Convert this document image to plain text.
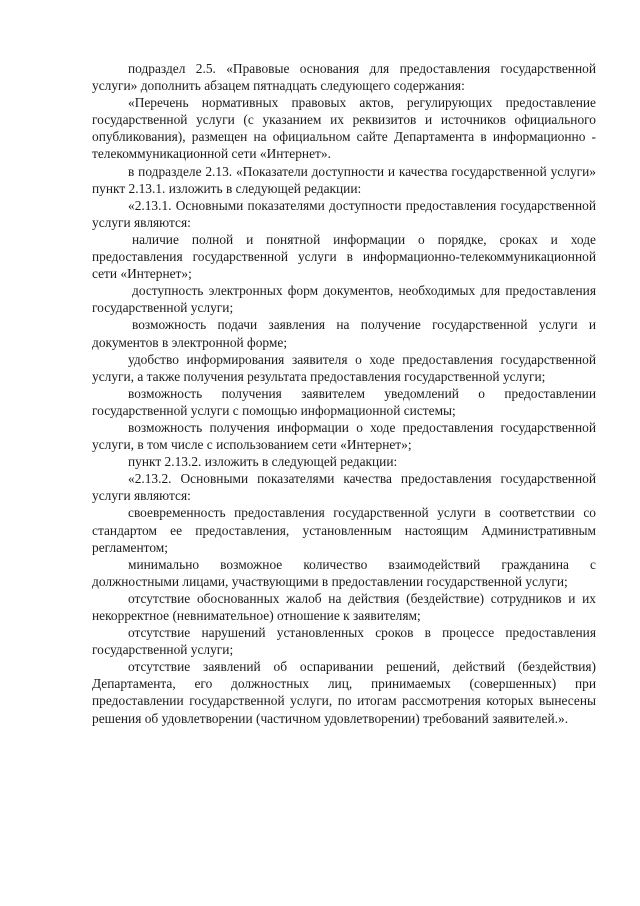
подраздел 2.5. «Правовые основания для предоставления государственной услуги» дополнить абзацем пятнадцать следующего содержания:

«Перечень нормативных правовых актов, регулирующих предоставление государственной услуги (с указанием их реквизитов и источников официального опубликования), размещен на официальном сайте Департамента в информационно - телекоммуникационной сети «Интернет».

в подразделе 2.13. «Показатели доступности и качества государственной услуги» пункт 2.13.1. изложить в следующей редакции:

«2.13.1. Основными показателями доступности предоставления государственной услуги являются:

наличие полной и понятной информации о порядке, сроках и ходе предоставления государственной услуги в информационно-телекоммуникационной сети «Интернет»;

доступность электронных форм документов, необходимых для предоставления государственной услуги;

возможность подачи заявления на получение государственной услуги и документов в электронной форме;

удобство информирования заявителя о ходе предоставления государственной услуги, а также получения результата предоставления государственной услуги;

возможность получения заявителем уведомлений о предоставлении государственной услуги с помощью информационной системы;

возможность получения информации о ходе предоставления государственной услуги, в том числе с использованием сети «Интернет»;

пункт 2.13.2. изложить в следующей редакции:

«2.13.2. Основными показателями качества предоставления государственной услуги являются:

своевременность предоставления государственной услуги в соответствии со стандартом ее предоставления, установленным настоящим Административным регламентом;

минимально возможное количество взаимодействий гражданина с должностными лицами, участвующими в предоставлении государственной услуги;

отсутствие обоснованных жалоб на действия (бездействие) сотрудников и их некорректное (невнимательное) отношение к заявителям;

отсутствие нарушений установленных сроков в процессе предоставления государственной услуги;

отсутствие заявлений об оспаривании решений, действий (бездействия) Департамента, его должностных лиц, принимаемых (совершенных) при предоставлении государственной услуги, по итогам рассмотрения которых вынесены решения об удовлетворении (частичном удовлетворении) требований заявителей.».
